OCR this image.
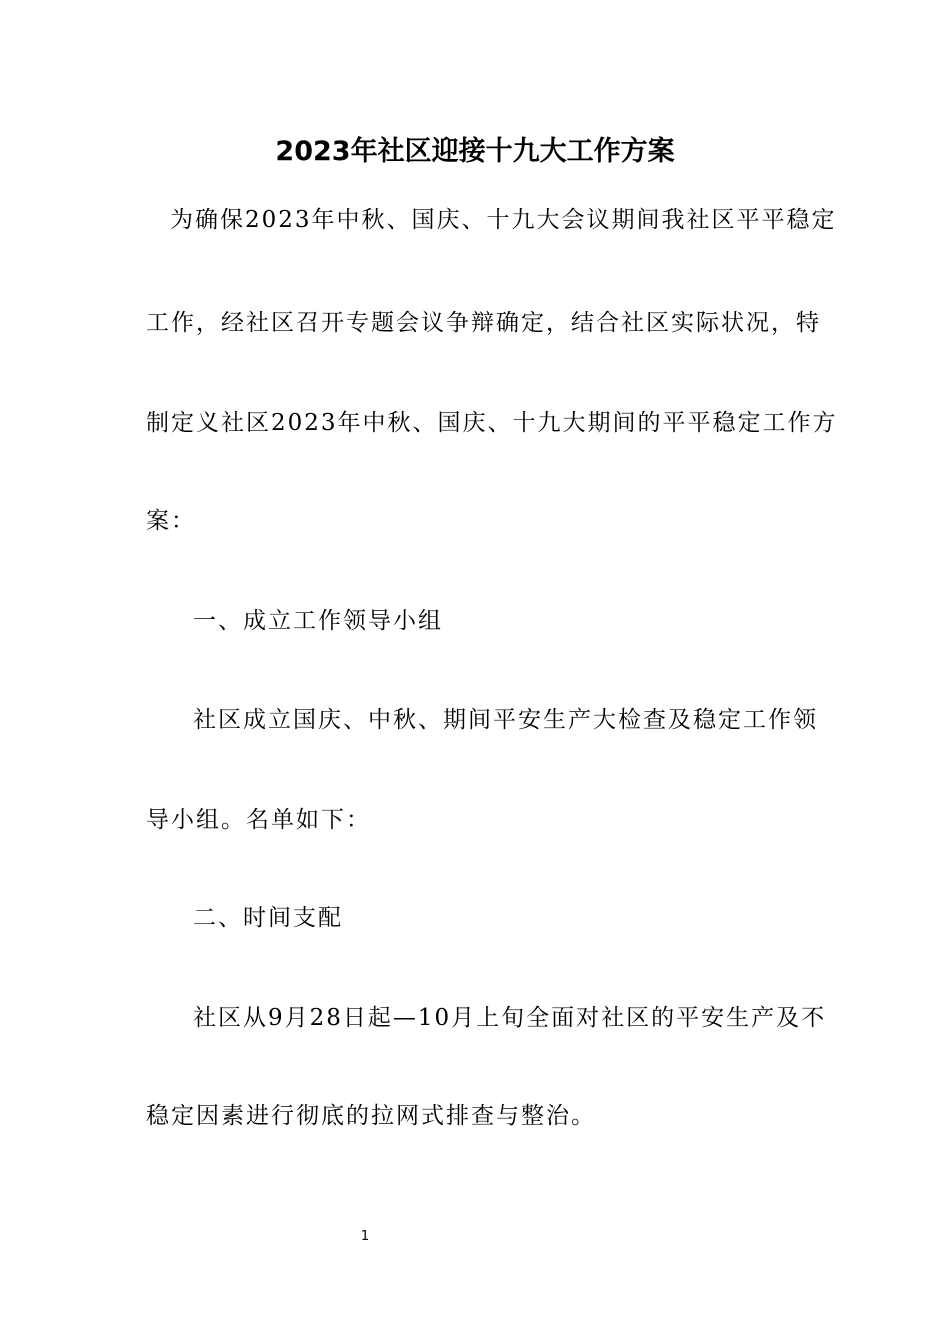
2023年社区迎接十九大工作方案
为确保2023年中秋、国庆、十九大会议期间我社区平平稳定
工作，经社区召开专题会议争辩确定，结合社区实际状况，特
制定义社区2023年中秋、国庆、十九大期间的平平稳定工作方
案：
一、成立工作领导小组
社区成立国庆、中秋、期间平安生产大检查及稳定工作领
导小组。名单如下：
二、时间支配
社区从9月28日起—10月上旬全面对社区的平安生产及不
稳定因素进行彻底的拉网式排查与整治。
1
